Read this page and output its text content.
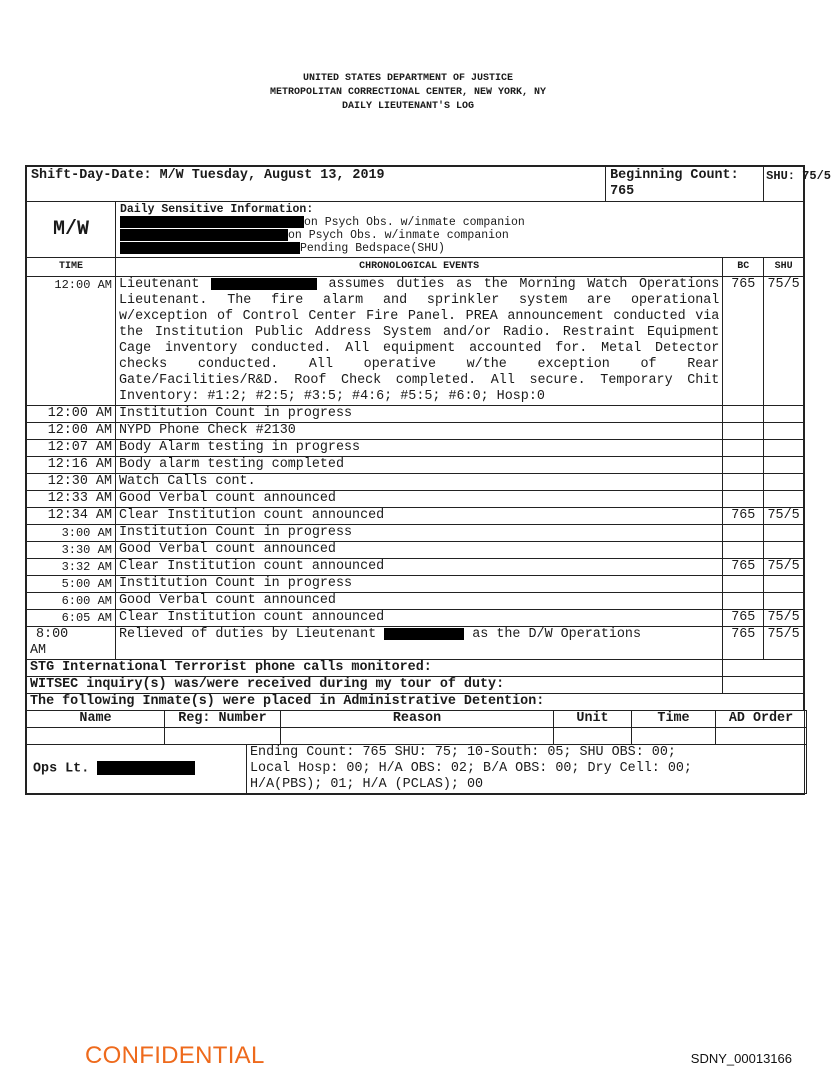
UNITED STATES DEPARTMENT OF JUSTICE
METROPOLITAN CORRECTIONAL CENTER, NEW YORK, NY
DAILY LIEUTENANT'S LOG
Shift-Day-Date: M/W Tuesday, August 13, 2019		Beginning Count: 765		SHU: 75/5
M/W	Daily Sensitive Information:
on Psych Obs. w/inmate companion
on Psych Obs. w/inmate companion
Pending Bedspace(SHU)			

TIME	CHRONOLOGICAL EVENTS		BC	SHU
12:00 AM	Lieutenant assumes duties as the Morning Watch Operations Lieutenant. The fire alarm and sprinkler system are operational w/exception of Control Center Fire Panel. PREA announcement conducted via the Institution Public Address System and/or Radio. Restraint Equipment Cage inventory conducted. All equipment accounted for. Metal Detector checks conducted. All operative w/the exception of Rear Gate/Facilities/R&D. Roof Check completed. All secure. Temporary Chit Inventory: #1:2; #2:5; #3:5; #4:6; #5:5; #6:0; Hosp:0		765	75/5
12:00 AM	Institution Count in progress			
12:00 AM	NYPD Phone Check #2130			
12:07 AM	Body Alarm testing in progress			
12:16 AM	Body alarm testing completed			
12:30 AM	Watch Calls cont.			
12:33 AM	Good Verbal count announced			
12:34 AM	Clear Institution count announced		765	75/5
3:00 AM	Institution Count in progress			
3:30 AM	Good Verbal count announced			
3:32 AM	Clear Institution count announced		765	75/5
5:00 AM	Institution Count in progress			
6:00 AM	Good Verbal count announced			
6:05 AM	Clear Institution count announced		765	75/5

8:00
AM	Relieved of duties by Lieutenant as the D/W Operations		765	75/5
STG International Terrorist phone calls monitored:				
WITSEC inquiry(s) was/were received during my tour of duty:				
The following Inmate(s) were placed in Administrative Detention:				
Name	Reg: Number	Reason	Unit	Time	AD Order

Ops Lt.	
Ending Count: 765 SHU: 75; 10-South: 05; SHU OBS: 00;
Local Hosp: 00; H/A OBS: 02; B/A OBS: 00; Dry Cell: 00;
H/A(PBS); 01; H/A (PCLAS); 00
CONFIDENTIAL	SDNY_00013166
